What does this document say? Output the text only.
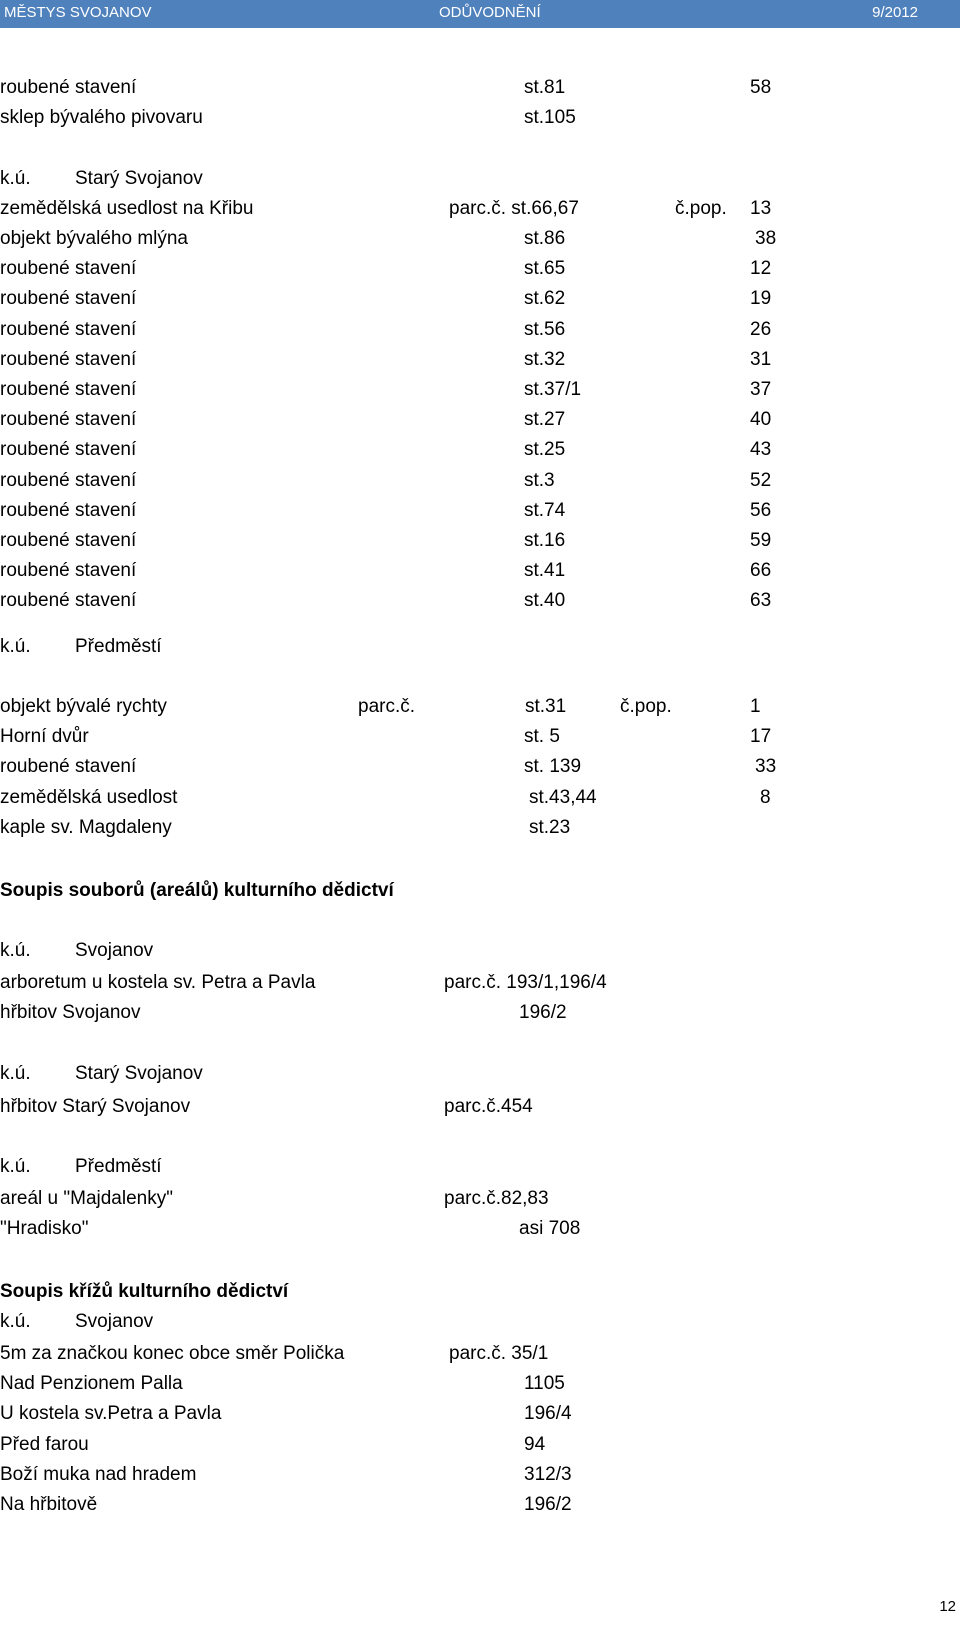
MĚSTYS SVOJANOV	ODŮVODNĚNÍ	9/2012
roubené stavení	st.81	58
sklep bývalého pivovaru	st.105
k.ú. Starý Svojanov
zemědělská usedlost na Křibu	parc.č. st.66,67	č.pop. 13
objekt bývalého mlýna	st.86	38
roubené stavení	st.65	12
roubené stavení	st.62	19
roubené stavení	st.56	26
roubené stavení	st.32	31
roubené stavení	st.37/1	37
roubené stavení	st.27	40
roubené stavení	st.25	43
roubené stavení	st.3	52
roubené stavení	st.74	56
roubené stavení	st.16	59
roubené stavení	st.41	66
roubené stavení	st.40	63
k.ú. Předměstí
objekt bývalé rychty	parc.č.	st.31	č.pop.	1
Horní dvůr	st. 5	17
roubené stavení	st. 139	33
zemědělská usedlost	st.43,44	8
kaple sv. Magdaleny	st.23
Soupis souborů (areálů) kulturního dědictví
k.ú. Svojanov
arboretum u kostela sv. Petra a Pavla	parc.č. 193/1,196/4
hřbitov Svojanov	196/2
k.ú. Starý Svojanov
hřbitov Starý Svojanov	parc.č.454
k.ú. Předměstí
areál u "Majdalenky"	parc.č.82,83
"Hradisko"	asi 708
Soupis křížů kulturního dědictví
k.ú. Svojanov
5m za značkou konec obce směr Polička	parc.č. 35/1
Nad Penzionem Palla	1105
U kostela sv.Petra a Pavla	196/4
Před farou	94
Boží muka nad hradem	312/3
Na hřbitově	196/2
12
